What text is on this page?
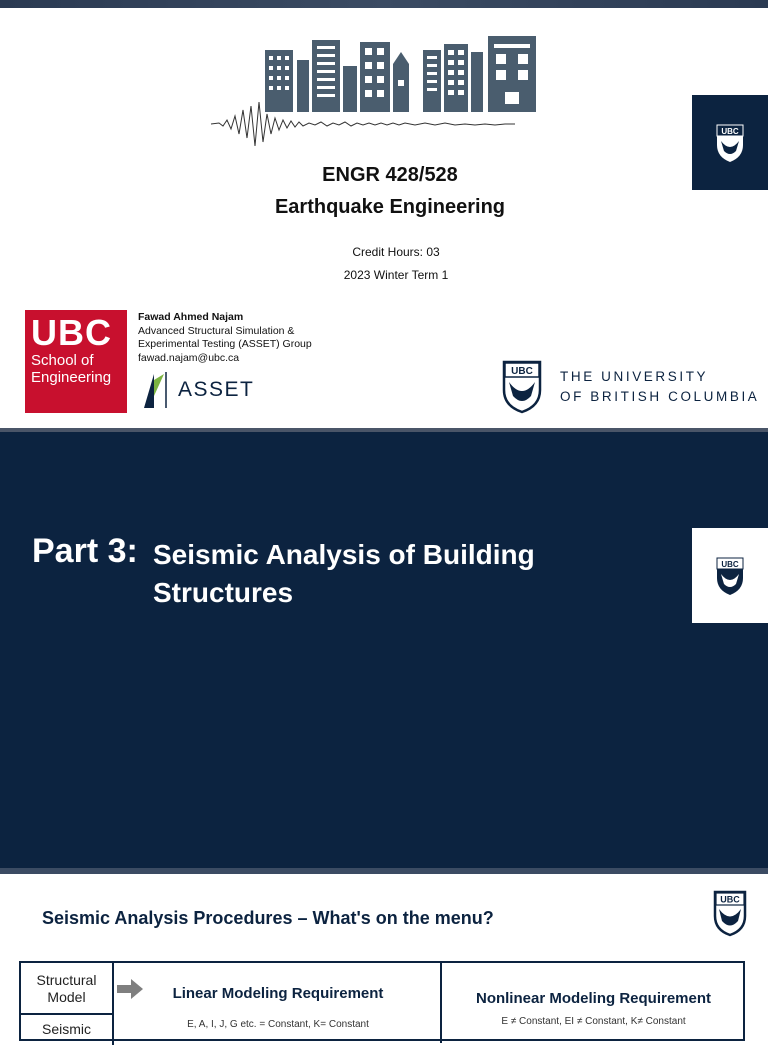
ENGR 428/528
Earthquake Engineering
Credit Hours: 03
2023 Winter Term 1
UBC
UBC
School of
Engineering
Fawad Ahmed Najam
Advanced Structural Simulation &
Experimental Testing (ASSET) Group
fawad.najam@ubc.ca
ASSET
UBC THE UNIVERSITY
OF BRITISH COLUMBIA
Part 3: Seismic Analysis of Building Structures
UBC
Seismic Analysis Procedures – What's on the menu?
UBC
Structural Model
Seismic
Linear Modeling Requirement
E, A, I, J, G etc. = Constant, K= Constant
Nonlinear Modeling Requirement
E ≠ Constant, EI ≠ Constant, K≠ Constant
